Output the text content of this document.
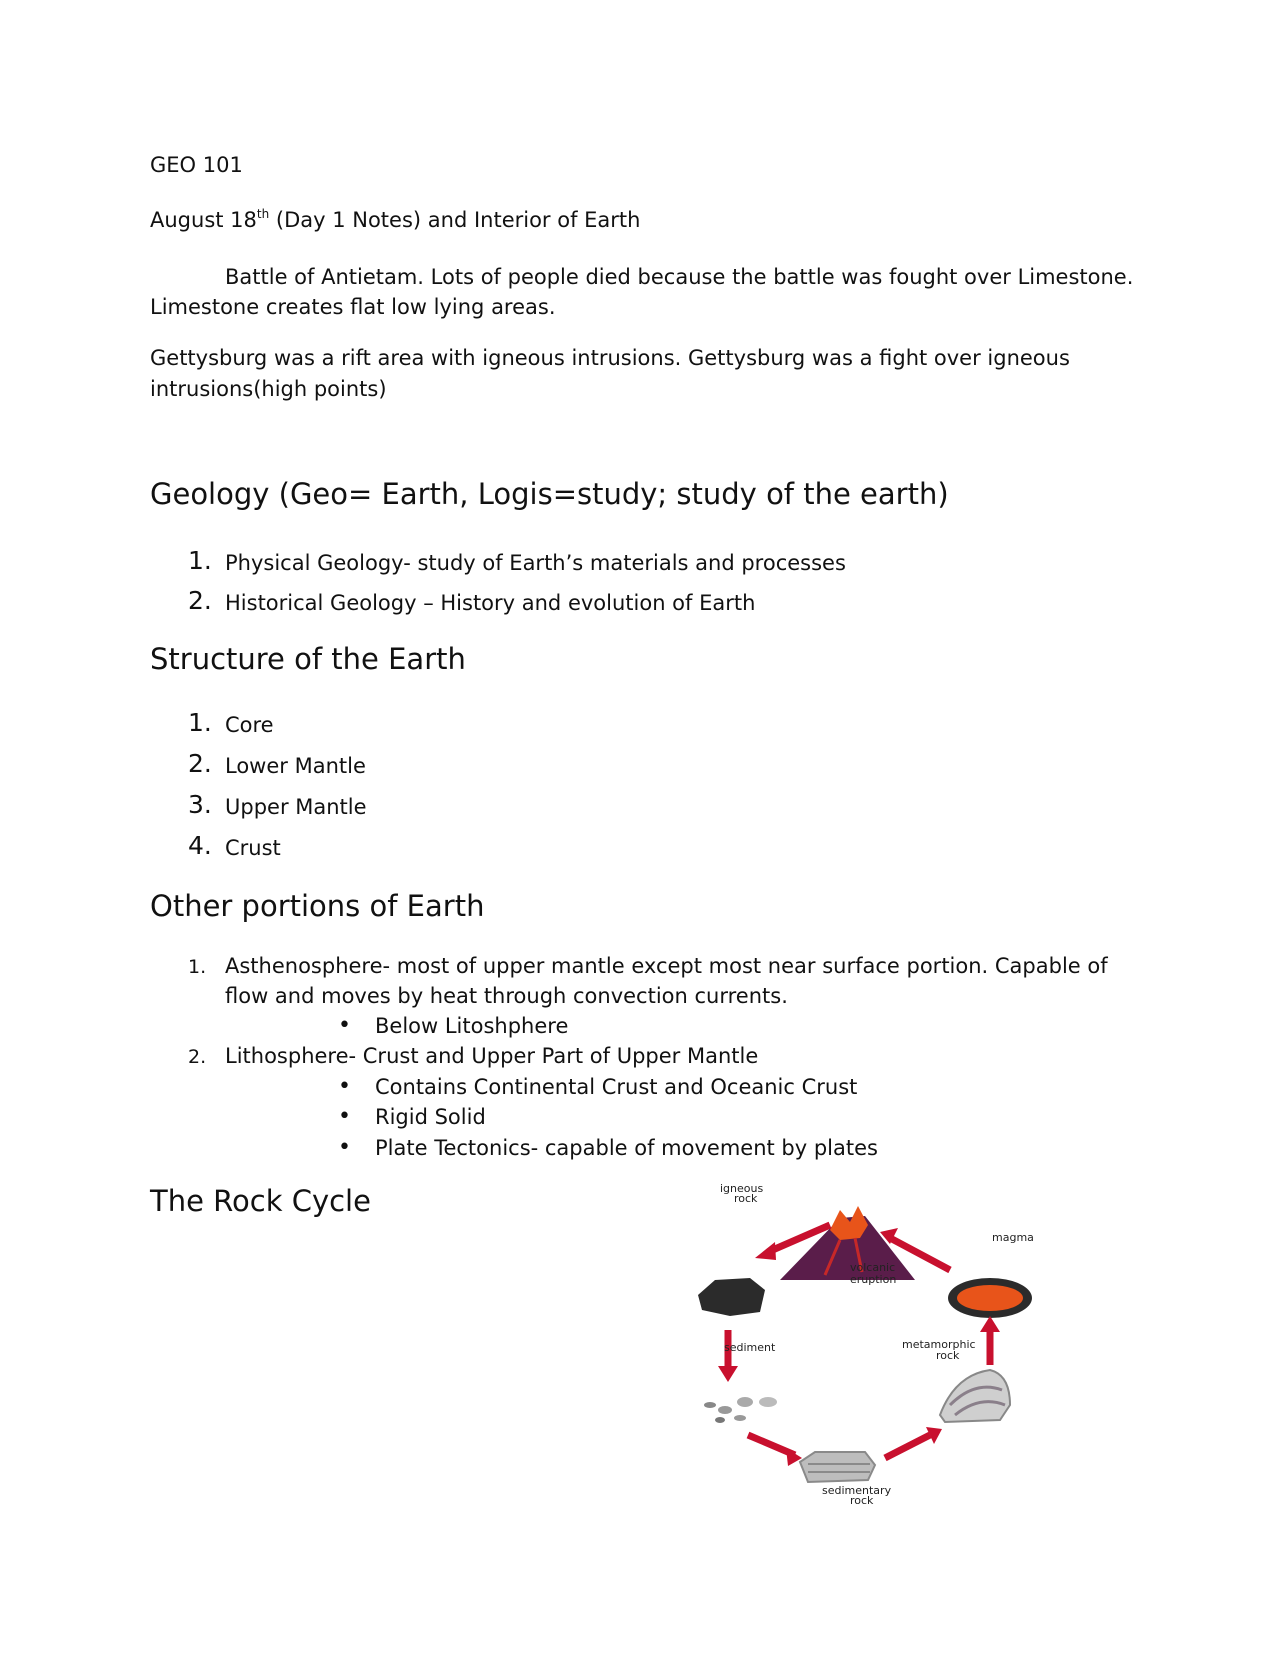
GEO 101
August 18th (Day 1 Notes) and Interior of Earth
Battle of Antietam. Lots of people died because the battle was fought over Limestone.
Limestone creates flat low lying areas.
Gettysburg was a rift area with igneous intrusions. Gettysburg was a fight over igneous
intrusions(high points)
Geology (Geo= Earth, Logis=study; study of the earth)
1. Physical Geology- study of Earth’s materials and processes
2. Historical Geology – History and evolution of Earth
Structure of the Earth
1. Core
2. Lower Mantle
3. Upper Mantle
4. Crust
Other portions of Earth
1. Asthenosphere- most of upper mantle except most near surface portion. Capable of
flow and moves by heat through convection currents.
• Below Litoshphere
2. Lithosphere- Crust and Upper Part of Upper Mantle
• Contains Continental Crust and Oceanic Crust
• Rigid Solid
• Plate Tectonics- capable of movement by plates
The Rock Cycle	igneous
rock
volcanic
eruption
magma
sediment	metamorphic
rock
sedimentary
rock
